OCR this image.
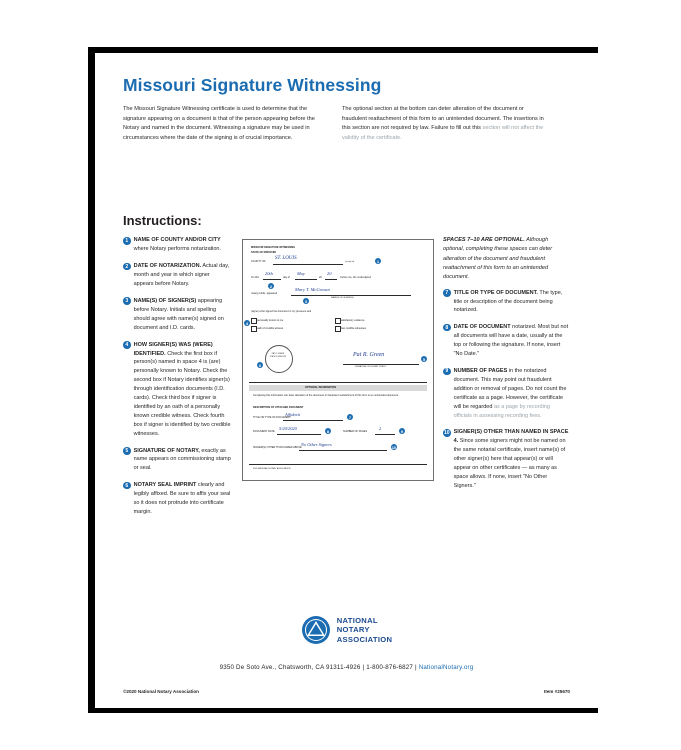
Missouri Signature Witnessing
The Missouri Signature Witnessing certificate is used to determine that the signature appearing on a document is that of the person appearing before the Notary and named in the document. Witnessing a signature may be used in circumstances where the date of the signing is of crucial importance.
The optional section at the bottom can deter alteration of the document or fraudulent reattachment of this form to an unintended document. The insertions in this section are not required by law. Failure to fill out this section will not affect the validity of the certificate.
Instructions:
1 NAME OF COUNTY AND/OR CITY where Notary performs notarization.
2 DATE OF NOTARIZATION. Actual day, month and year in which signer appears before Notary.
3 NAME(S) OF SIGNER(S) appearing before Notary. Initials and spelling should agree with name(s) signed on document and I.D. cards.
4 HOW SIGNER(S) WAS (WERE) IDENTIFIED. Check the first box if person(s) named in space 4 is (are) personally known to Notary. Check the second box if Notary identifies signer(s) through identification documents (I.D. cards). Check third box if signer is identified by an oath of a personally known credible witness. Check fourth box if signer is identified by two credible witnesses.
5 SIGNATURE OF NOTARY, exactly as name appears on commissioning stamp or seal.
6 NOTARY SEAL IMPRINT clearly and legibly affixed. Be sure to affix your seal so it does not protrude into certificate margin.
MISSOURI SIGNATURE WITNESSING
STATE OF MISSOURI
COUNTY OF
ST. LOUIS
(or city of)	1
On this
20th
day of
May
20
20
, before me, the undersigned
2
notary public, appeared
Mary T. McGowan
NAME(S) OF SIGNER(S)
3
(signer) who signed the document in my presence and
personally known to me	satisfactory evidence
oath of credible witness	two credible witnesses
4
PAT R. GREEN
STATE OF MISSOURI
6
Pat R. Green
SIGNATURE OF NOTARY PUBLIC
5
OPTIONAL INFORMATION
Completing this information can deter alteration of the document or fraudulent reattachment of this form to an unintended document.
DESCRIPTION OF ATTACHED DOCUMENT
TITLE OR TYPE OF DOCUMENT
Affidavit	7
DOCUMENT DATE
5/20/2020	8	NUMBER OF PAGES
2	9
SIGNER(S) OTHER THAN NAMED ABOVE
No Other Signers	10
2020 NATIONAL NOTARY ASSOCIATION
SPACES 7–10 ARE OPTIONAL. Although optional, completing these spaces can deter alteration of the document and fraudulent reattachment of this form to an unintended document.
7 TITLE OR TYPE OF DOCUMENT. The type, title or description of the document being notarized.
8 DATE OF DOCUMENT notarized. Most but not all documents will have a date, usually at the top or following the signature. If none, insert "No Date."
9 NUMBER OF PAGES in the notarized document. This may point out fraudulent addition or removal of pages. Do not count the certificate as a page. However, the certificate will be regarded as a page by recording officials in assessing recording fees.
10 SIGNER(S) OTHER THAN NAMED IN SPACE 4. Since some signers might not be named on the same notarial certificate, insert name(s) of other signer(s) here that appear(s) or will appear on other certificates — as many as space allows. If none, insert "No Other Signers."
NATIONAL
NOTARY
ASSOCIATION
9350 De Soto Ave., Chatsworth, CA 91311-4926 | 1-800-876-6827 | NationalNotary.org
©2020 National Notary Association	Item #25670
